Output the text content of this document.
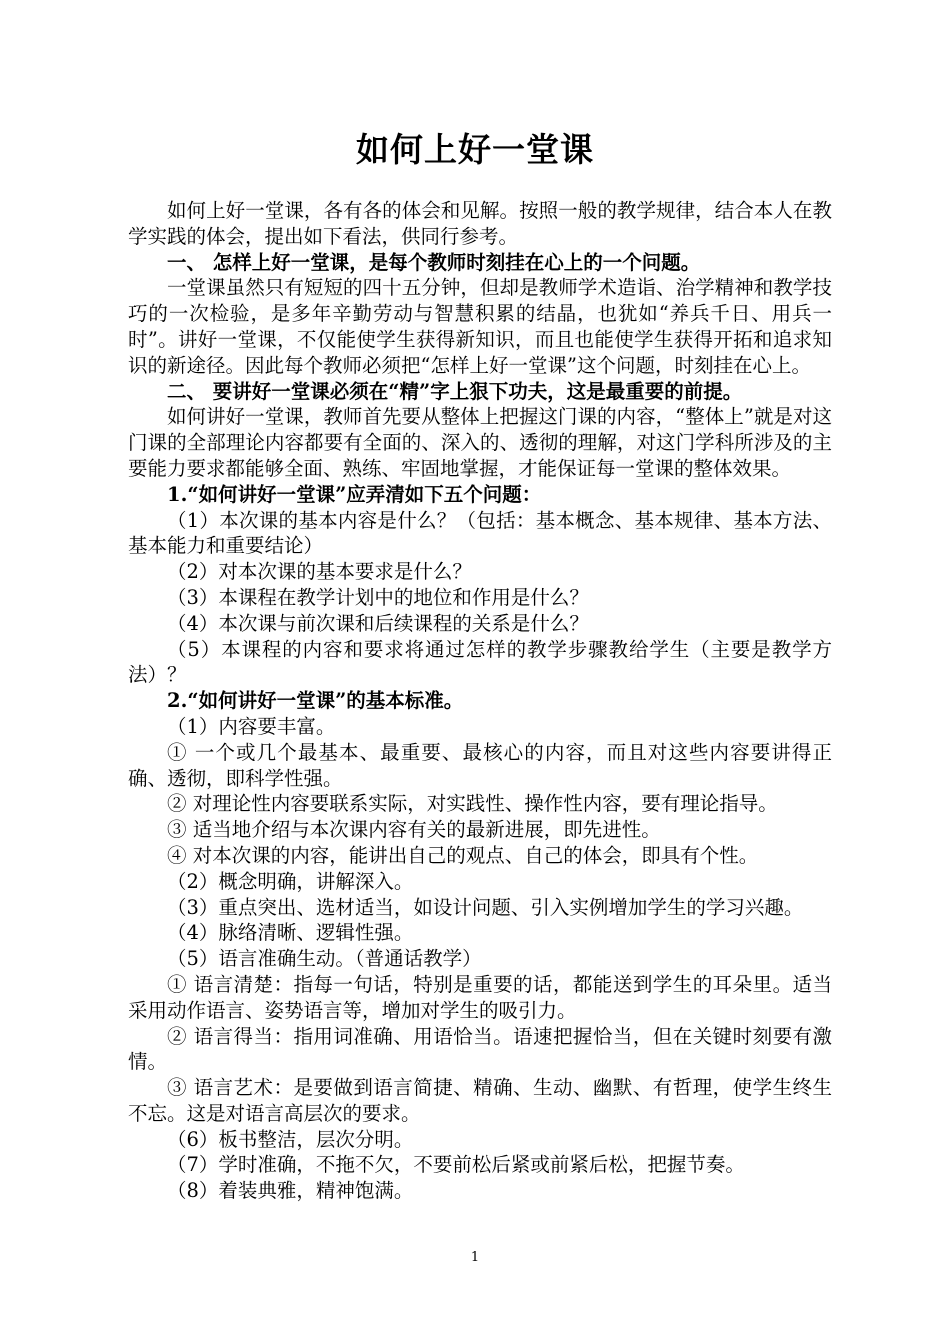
如何上好一堂课

如何上好一堂课，各有各的体会和见解。按照一般的教学规律，结合本人在教学实践的体会，提出如下看法，供同行参考。

一、 怎样上好一堂课，是每个教师时刻挂在心上的一个问题。

一堂课虽然只有短短的四十五分钟，但却是教师学术造诣、治学精神和教学技巧的一次检验，是多年辛勤劳动与智慧积累的结晶，也犹如“养兵千日、用兵一时”。讲好一堂课，不仅能使学生获得新知识，而且也能使学生获得开拓和追求知识的新途径。因此每个教师必须把“怎样上好一堂课”这个问题，时刻挂在心上。

二、 要讲好一堂课必须在“精”字上狠下功夫，这是最重要的前提。

如何讲好一堂课，教师首先要从整体上把握这门课的内容，“整体上”就是对这门课的全部理论内容都要有全面的、深入的、透彻的理解，对这门学科所涉及的主要能力要求都能够全面、熟练、牢固地掌握，才能保证每一堂课的整体效果。

1.“如何讲好一堂课”应弄清如下五个问题：

（1）本次课的基本内容是什么？（包括：基本概念、基本规律、基本方法、基本能力和重要结论）

（2）对本次课的基本要求是什么？

（3）本课程在教学计划中的地位和作用是什么？

（4）本次课与前次课和后续课程的关系是什么？

（5）本课程的内容和要求将通过怎样的教学步骤教给学生（主要是教学方法）？

2.“如何讲好一堂课”的基本标准。

（1）内容要丰富。

① 一个或几个最基本、最重要、最核心的内容，而且对这些内容要讲得正确、透彻，即科学性强。

② 对理论性内容要联系实际，对实践性、操作性内容，要有理论指导。

③ 适当地介绍与本次课内容有关的最新进展，即先进性。

④ 对本次课的内容，能讲出自己的观点、自己的体会，即具有个性。

（2）概念明确，讲解深入。

（3）重点突出、选材适当，如设计问题、引入实例增加学生的学习兴趣。

（4）脉络清晰、逻辑性强。

（5）语言准确生动。（普通话教学）

① 语言清楚：指每一句话，特别是重要的话，都能送到学生的耳朵里。适当采用动作语言、姿势语言等，增加对学生的吸引力。

② 语言得当：指用词准确、用语恰当。语速把握恰当，但在关键时刻要有激情。

③ 语言艺术：是要做到语言简捷、精确、生动、幽默、有哲理，使学生终生不忘。这是对语言高层次的要求。

（6）板书整洁，层次分明。

（7）学时准确，不拖不欠，不要前松后紧或前紧后松，把握节奏。

（8）着装典雅，精神饱满。

1
